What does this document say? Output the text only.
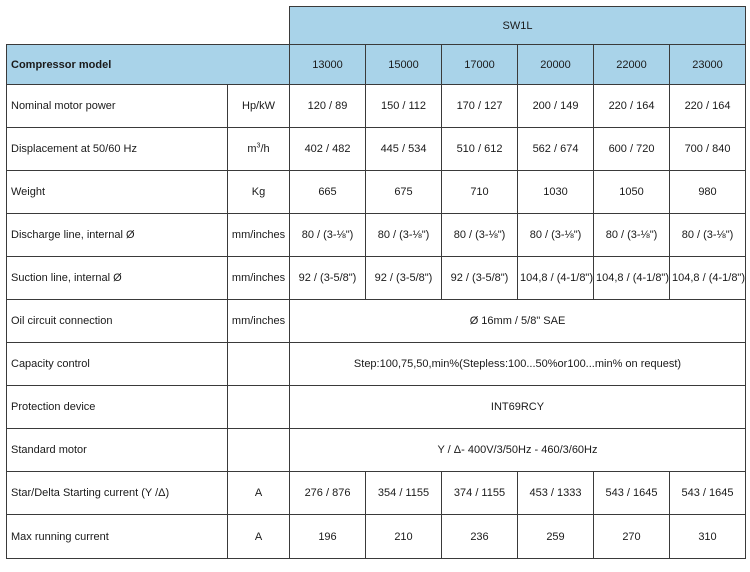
		SW1L					
Compressor model		13000	15000	17000	20000	22000	23000
Nominal motor power	Hp/kW	120 / 89	150 / 112	170 / 127	200 / 149	220 / 164	220 / 164
Displacement at 50/60 Hz	$m^3/h$	402 / 482	445 / 534	510 / 612	562 / 674	600 / 720	700 / 840
Weight	Kg	665	675	710	1030	1050	980
Discharge line, internal Ø	mm/inches	80 / (3-⅛")	80 / (3-⅛")	80 / (3-⅛")	80 / (3-⅛")	80 / (3-⅛")	80 / (3-⅛")
Suction line, internal Ø	mm/inches	92 / (3-5/8")	92 / (3-5/8")	92 / (3-5/8")	104,8 / (4-1/8")	104,8 / (4-1/8")	104,8 / (4-1/8")
Oil circuit connection	mm/inches	Ø 16mm / 5/8" SAE					
Capacity control		Step:100,75,50,min%(Stepless:100...50%or100...min% on request)					
Protection device		INT69RCY					
Standard motor		Y / Δ- 400V/3/50Hz - 460/3/60Hz					
Star/Delta Starting current (Y /Δ)	A	276 / 876	354 / 1155	374 / 1155	453 / 1333	543 / 1645	543 / 1645
Max running current	A	196	210	236	259	270	310
